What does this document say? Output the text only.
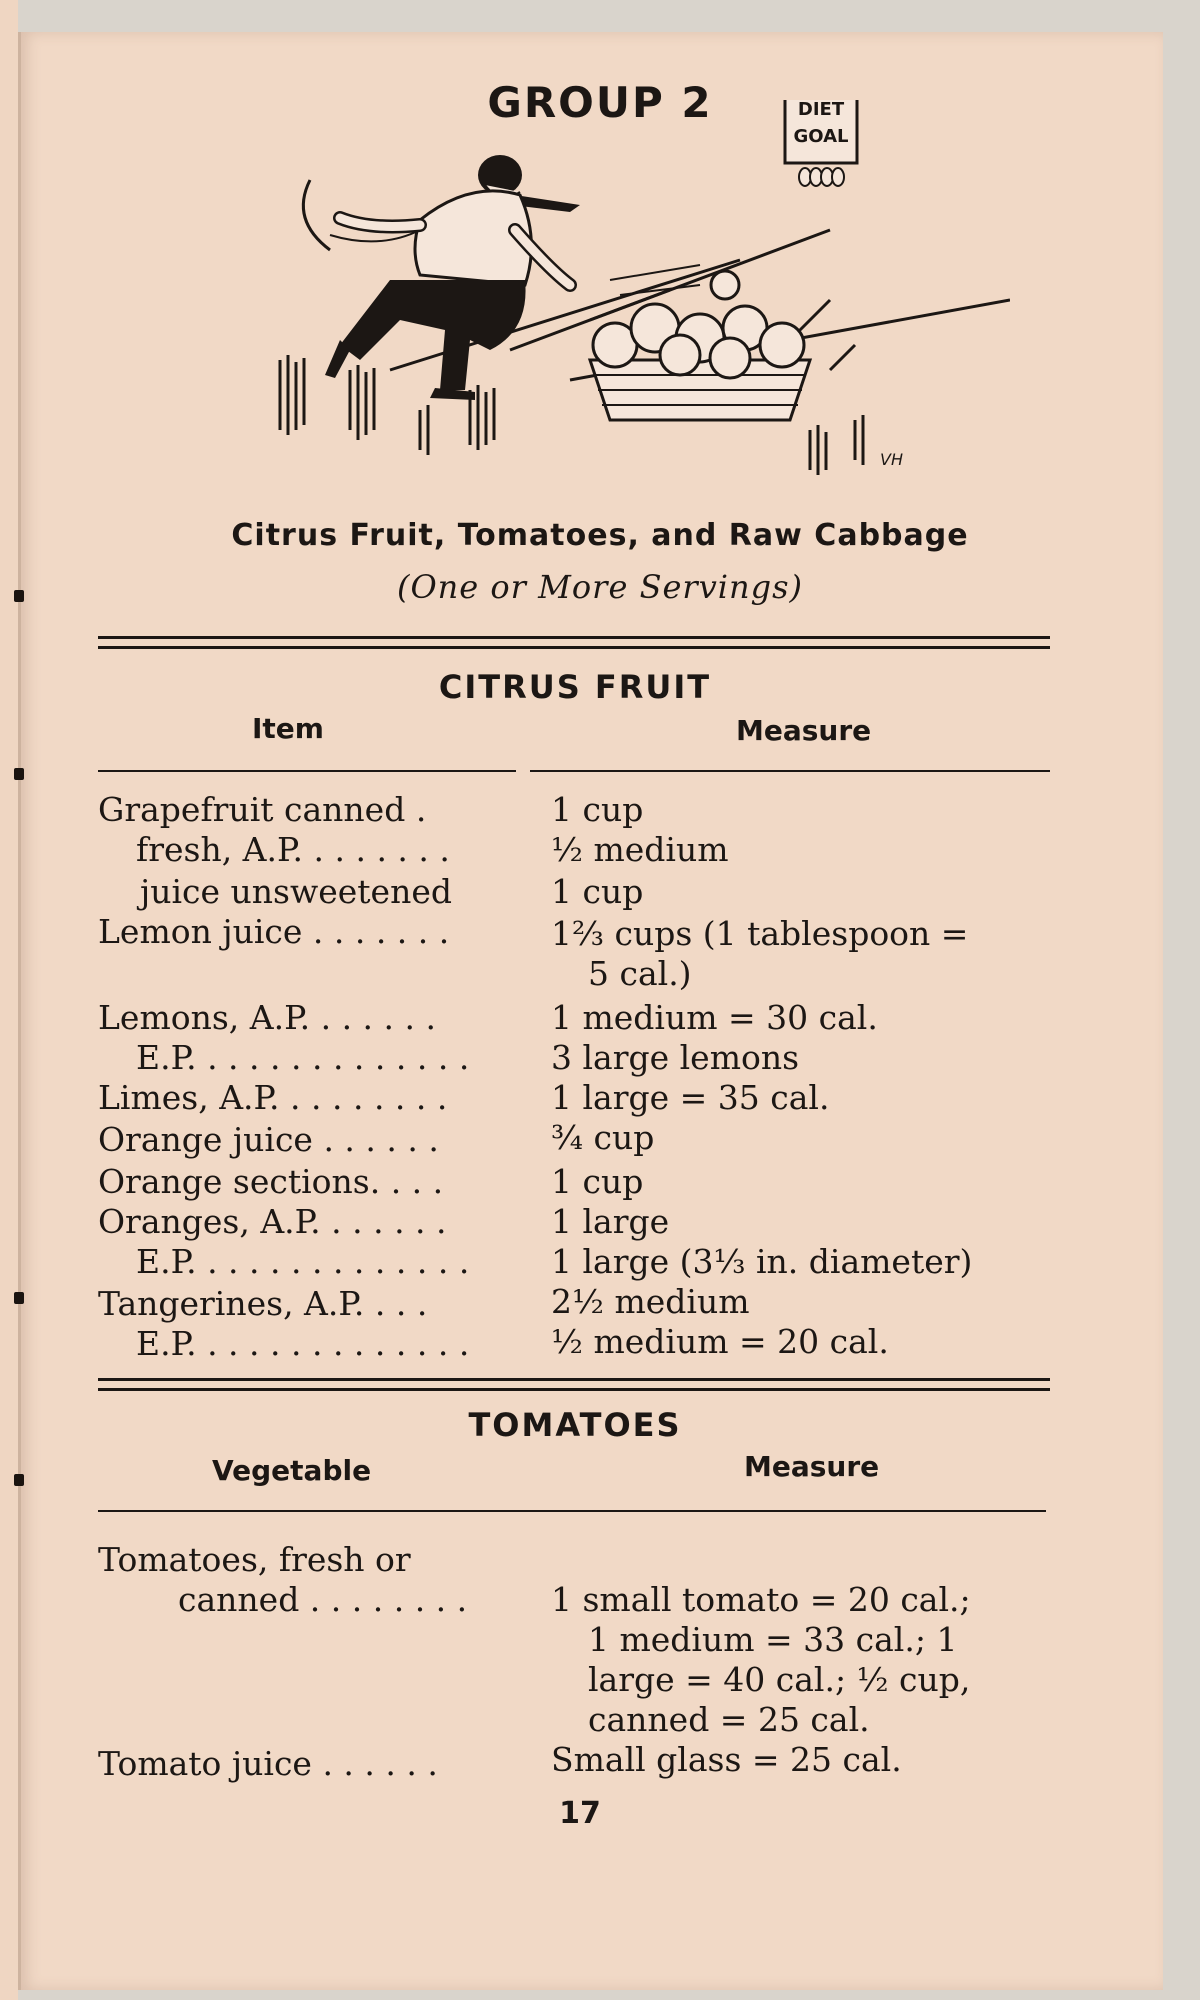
GROUP 2	DIET
GOAL
VH
Citrus Fruit, Tomatoes, and Raw Cabbage
(One or More Servings)
CITRUS FRUIT
Item	Measure
Grapefruit canned .	1 cup
fresh, A.P. . . . . . . .	½ medium
juice unsweetened	1 cup
Lemon juice . . . . . . .	1⅔ cups (1 tablespoon =
5 cal.)
Lemons, A.P. . . . . . .	1 medium = 30 cal.
E.P. . . . . . . . . . . . . . 3 large lemons
Limes, A.P. . . . . . . . .	1 large = 35 cal.
Orange juice . . . . . .	¾ cup
Orange sections. . . .	1 cup
Oranges, A.P. . . . . . .	1 large
E.P. . . . . . . . . . . . . . 1 large (3⅓ in. diameter)
Tangerines, A.P. . . .	2½ medium
E.P. . . . . . . . . . . . . . ½ medium = 20 cal.
TOMATOES
Vegetable	Measure
Tomatoes, fresh or
canned . . . . . . . .	1 small tomato = 20 cal.;
1 medium = 33 cal.; 1
large = 40 cal.; ½ cup,
canned = 25 cal.
Tomato juice . . . . . .	Small glass = 25 cal.
17
